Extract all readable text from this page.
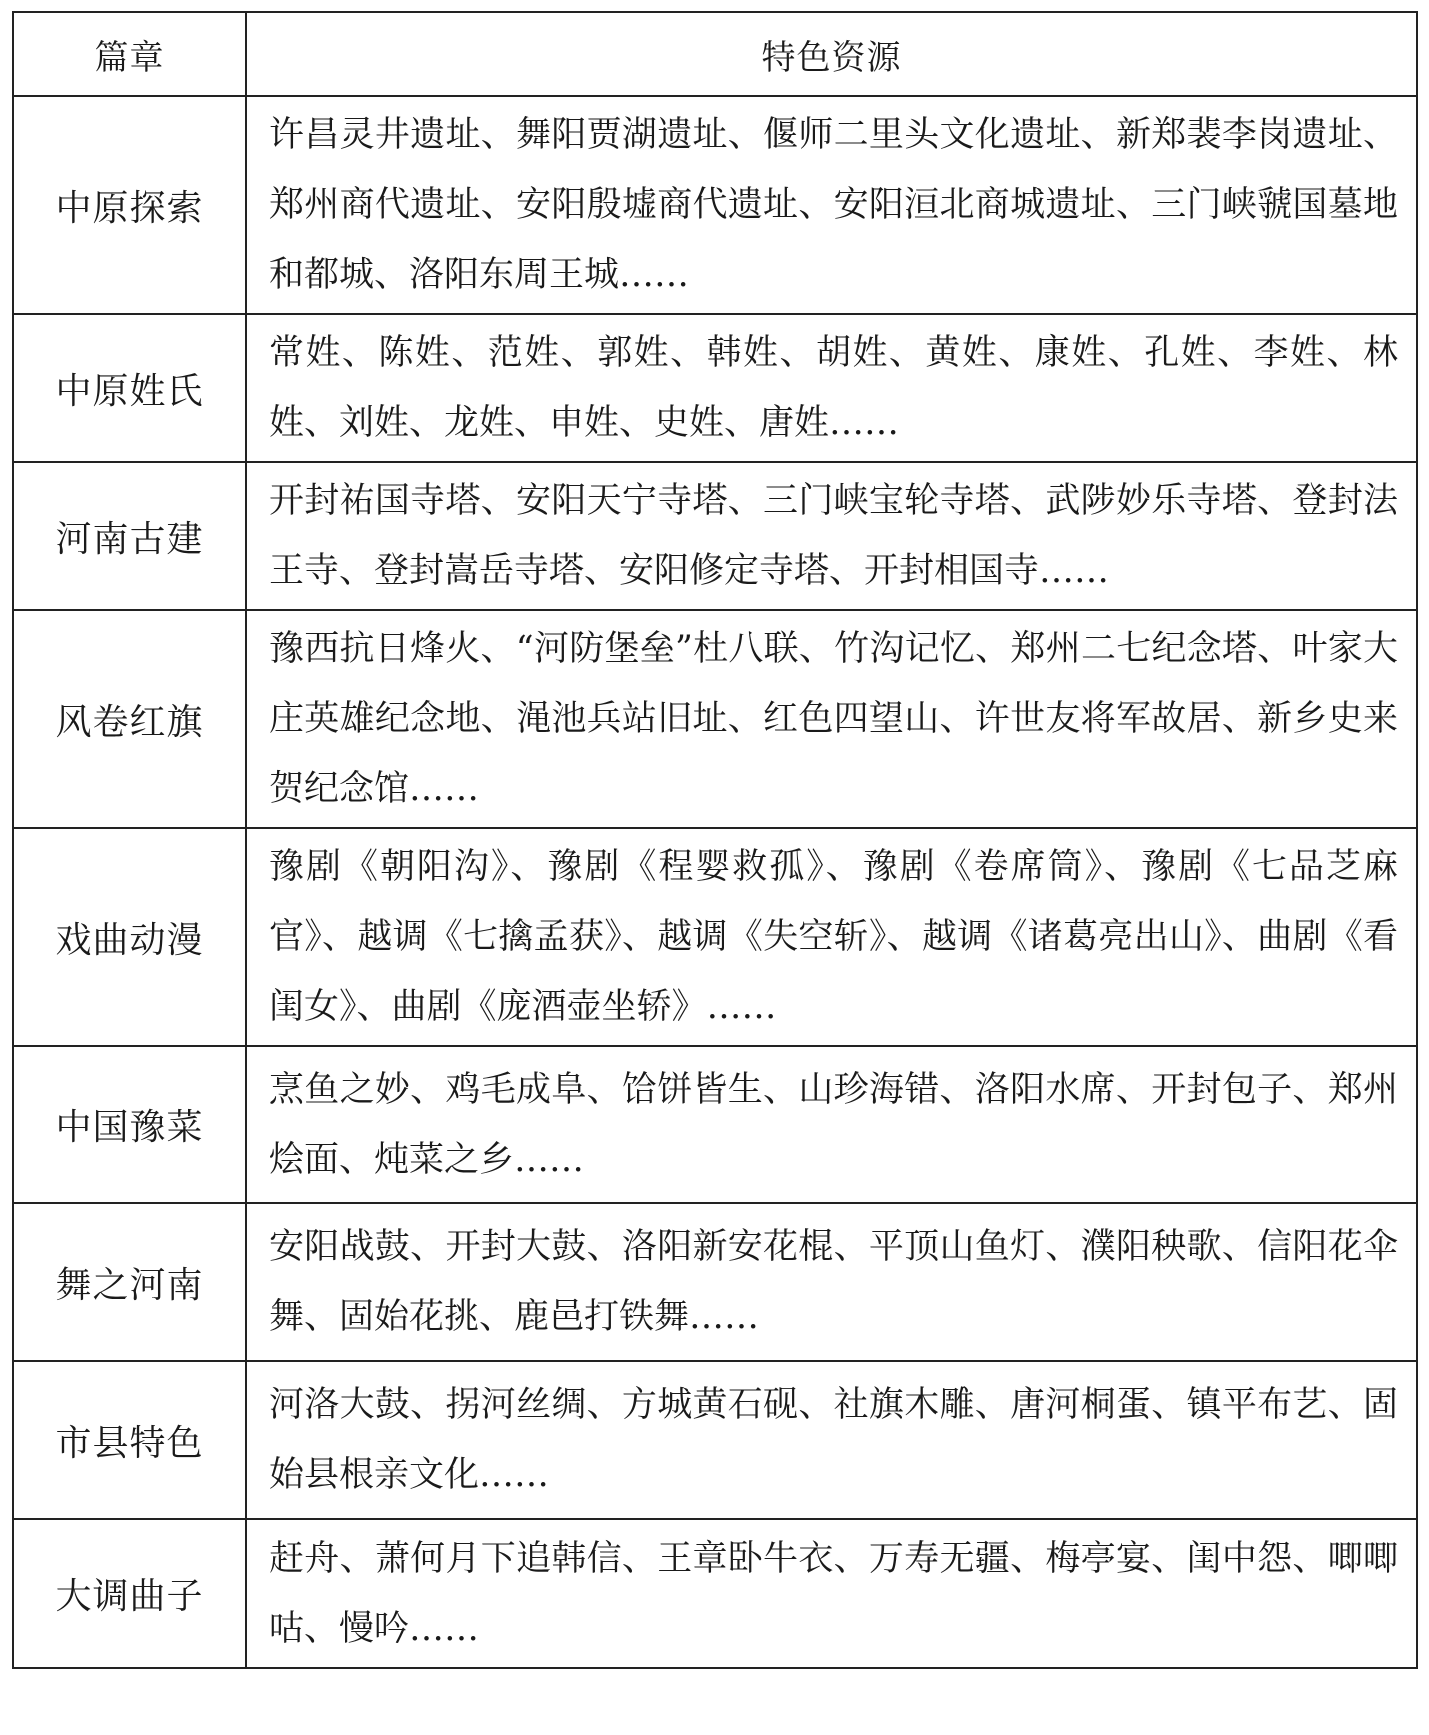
篇章	特色资源
中原探索	许昌灵井遗址、舞阳贾湖遗址、偃师二里头文化遗址、新郑裴李岗遗址、郑州商代遗址、安阳殷墟商代遗址、安阳洹北商城遗址、三门峡虢国墓地和都城、洛阳东周王城……
中原姓氏	常姓、陈姓、范姓、郭姓、韩姓、胡姓、黄姓、康姓、孔姓、李姓、林姓、刘姓、龙姓、申姓、史姓、唐姓……
河南古建	开封祐国寺塔、安阳天宁寺塔、三门峡宝轮寺塔、武陟妙乐寺塔、登封法王寺、登封嵩岳寺塔、安阳修定寺塔、开封相国寺……
风卷红旗	豫西抗日烽火、“河防堡垒”杜八联、竹沟记忆、郑州二七纪念塔、叶家大庄英雄纪念地、渑池兵站旧址、红色四望山、许世友将军故居、新乡史来贺纪念馆……
戏曲动漫	豫剧《朝阳沟》、豫剧《程婴救孤》、豫剧《卷席筒》、豫剧《七品芝麻官》、越调《七擒孟获》、越调《失空斩》、越调《诸葛亮出山》、曲剧《看闺女》、曲剧《庞酒壶坐轿》……
中国豫菜	烹鱼之妙、鸡毛成阜、饸饼皆生、山珍海错、洛阳水席、开封包子、郑州烩面、炖菜之乡……
舞之河南	安阳战鼓、开封大鼓、洛阳新安花棍、平顶山鱼灯、濮阳秧歌、信阳花伞舞、固始花挑、鹿邑打铁舞……
市县特色	河洛大鼓、拐河丝绸、方城黄石砚、社旗木雕、唐河桐蛋、镇平布艺、固始县根亲文化……
大调曲子	赶舟、萧何月下追韩信、王章卧牛衣、万寿无疆、梅亭宴、闺中怨、唧唧咕、慢吟……
